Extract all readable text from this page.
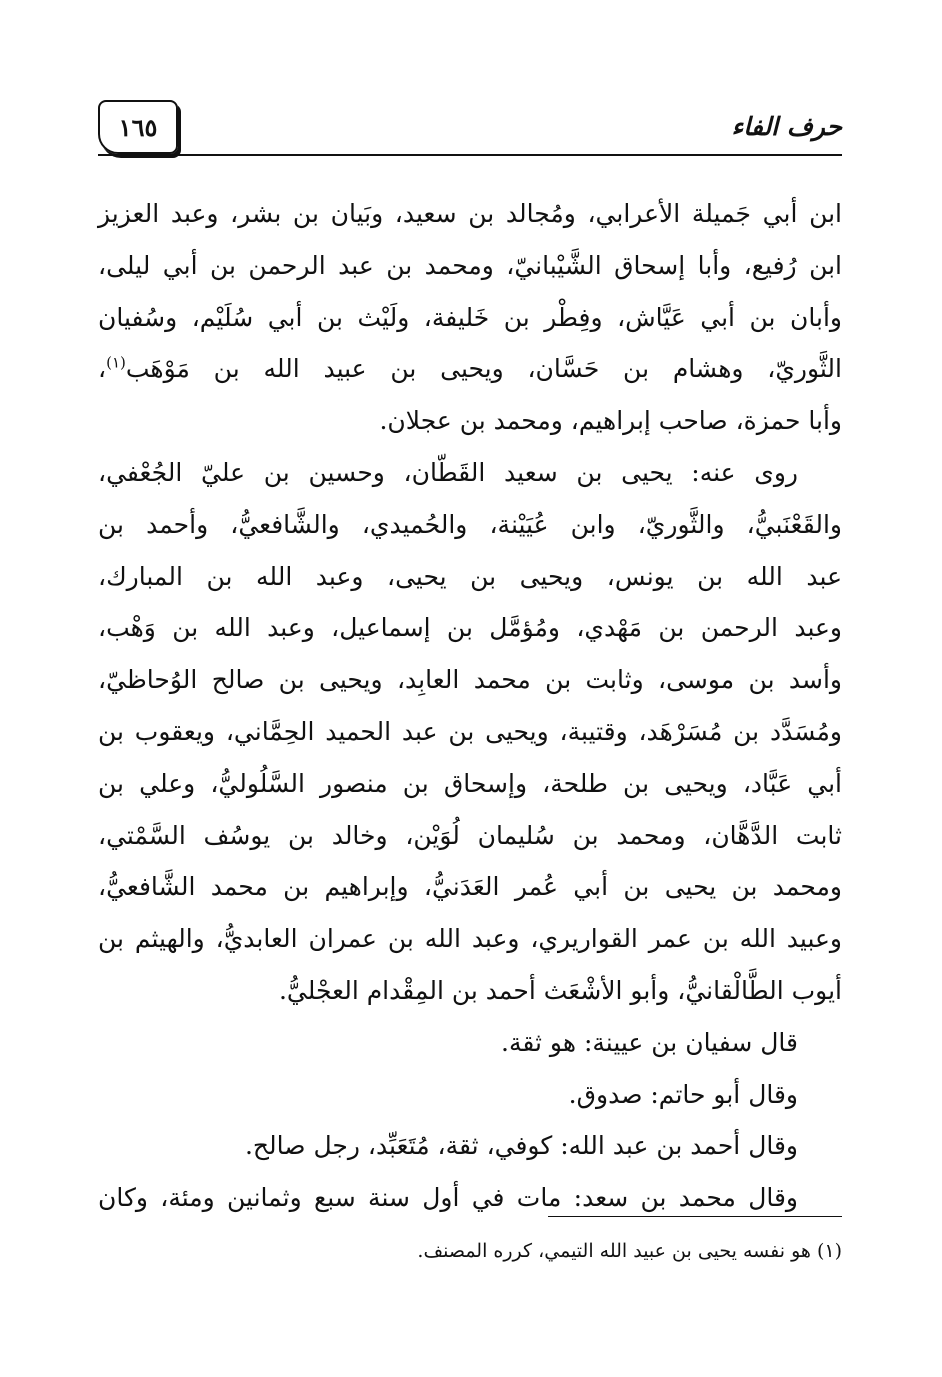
١٦٥	حرف الفاء
ابن أبي جَميلة الأعرابي، ومُجالد بن سعيد، وبَيان بن بشر، وعبد العزيز
ابن رُفيع، وأبا إسحاق الشَّيْبانيّ، ومحمد بن عبد الرحمن بن أبي ليلى،
وأبان بن أبي عَيَّاش، وفِطْر بن خَليفة، ولَيْث بن أبي سُلَيْم، وسُفيان
الثَّوريّ، وهشام بن حَسَّان، ويحيى بن عبيد الله بن مَوْهَب$^{(١)}$،
وأبا حمزة، صاحب إبراهيم، ومحمد بن عجلان.
روى عنه: يحيى بن سعيد القَطّان، وحسين بن عليّ الجُعْفي،
والقَعْنَبيُّ، والثَّوريّ، وابن عُيَيْنة، والحُميدي، والشَّافعيُّ، وأحمد بن
عبد الله بن يونس، ويحيى بن يحيى، وعبد الله بن المبارك،
وعبد الرحمن بن مَهْدي، ومُؤمَّل بن إسماعيل، وعبد الله بن وَهْب،
وأسد بن موسى، وثابت بن محمد العابِد، ويحيى بن صالح الوُحاظيّ،
ومُسَدَّد بن مُسَرْهَد، وقتيبة، ويحيى بن عبد الحميد الحِمَّاني، ويعقوب بن
أبي عَبَّاد، ويحيى بن طلحة، وإسحاق بن منصور السَّلُوليُّ، وعلي بن
ثابت الدَّهَّان، ومحمد بن سُليمان لُوَيْن، وخالد بن يوسُف السَّمْتي،
ومحمد بن يحيى بن أبي عُمر العَدَنيُّ، وإبراهيم بن محمد الشَّافعيُّ،
وعبيد الله بن عمر القواريري، وعبد الله بن عمران العابديُّ، والهيثم بن
أيوب الطَّالْقانيُّ، وأبو الأشْعَث أحمد بن المِقْدام العجْليُّ.
قال سفيان بن عيينة: هو ثقة.
وقال أبو حاتم: صدوق.
وقال أحمد بن عبد الله: كوفي، ثقة، مُتَعَبِّد، رجل صالح.
وقال محمد بن سعد: مات في أول سنة سبع وثمانين ومئة، وكان
(١) هو نفسه يحيى بن عبيد الله التيمي، كرره المصنف.
